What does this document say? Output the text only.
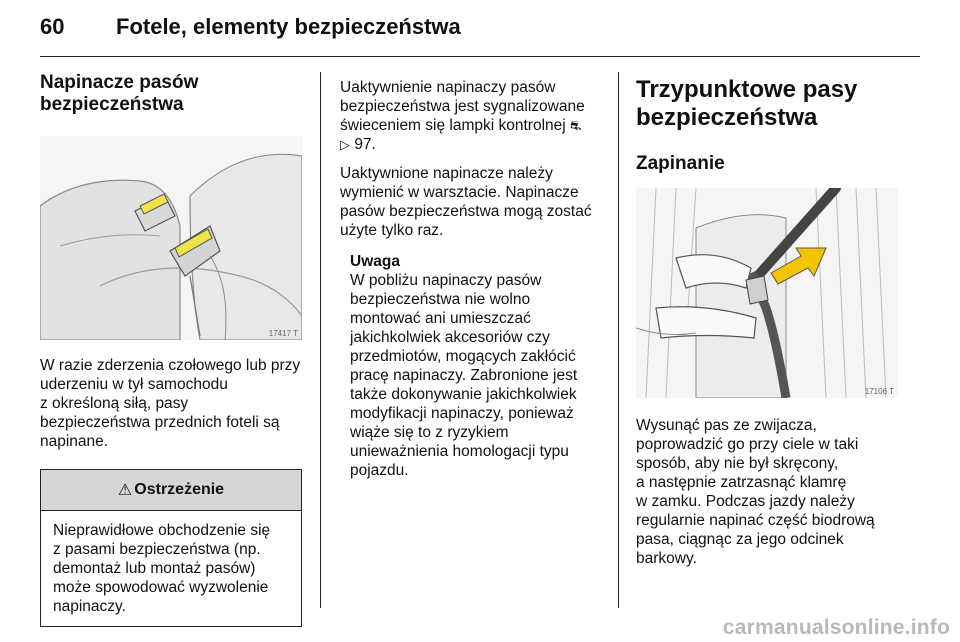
60 Fotele, elementy bezpieczeństwa
Napinacze pasów
bezpieczeństwa
17417 T

W razie zderzenia czołowego lub przy
uderzeniu w tył samochodu
z określoną siłą, pasy
bezpieczeństwa przednich foteli są
napinane.

⚠ Ostrzeżenie
Nieprawidłowe obchodzenie się
z pasami bezpieczeństwa (np.
demontaż lub montaż pasów)
może spowodować wyzwolenie
napinaczy.

Uaktywnienie napinaczy pasów
bezpieczeństwa jest sygnalizowane
świeceniem się lampki kontrolnej ⛐
▷ 97.

Uaktywnione napinacze należy
wymienić w warsztacie. Napinacze
pasów bezpieczeństwa mogą zostać
użyte tylko raz.

Uwaga

W pobliżu napinaczy pasów
bezpieczeństwa nie wolno
montować ani umieszczać
jakichkolwiek akcesoriów czy
przedmiotów, mogących zakłócić
pracę napinaczy. Zabronione jest
także dokonywanie jakichkolwiek
modyfikacji napinaczy, ponieważ
wiąże się to z ryzykiem
unieważnienia homologacji typu
pojazdu.

Trzypunktowe pasy
bezpieczeństwa
Zapinanie
17106 T

Wysunąć pas ze zwijacza,
poprowadzić go przy ciele w taki
sposób, aby nie był skręcony,
a następnie zatrzasnąć klamrę
w zamku. Podczas jazdy należy
regularnie napinać część biodrową
pasa, ciągnąc za jego odcinek
barkowy.

carmanualsonline.info
